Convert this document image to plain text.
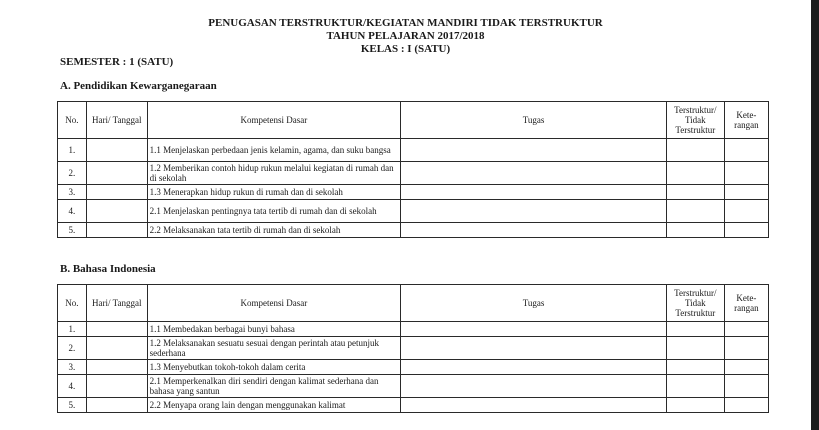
PENUGASAN TERSTRUKTUR/KEGIATAN MANDIRI TIDAK TERSTRUKTUR
TAHUN PELAJARAN 2017/2018
KELAS : I (SATU)
SEMESTER : 1 (SATU)
A. Pendidikan Kewarganegaraan
No.	Hari/ Tanggal	Kompetensi Dasar	Tugas	Terstruktur/ Tidak Terstruktur	Kete- rangan
1.		1.1 Menjelaskan perbedaan jenis kelamin, agama, dan suku bangsa			
2.		1.2 Memberikan contoh hidup rukun melalui kegiatan di rumah dan di sekolah			
3.		1.3 Menerapkan hidup rukun di rumah dan di sekolah			
4.		2.1 Menjelaskan pentingnya tata tertib di rumah dan di sekolah			
5.		2.2 Melaksanakan tata tertib di rumah dan di sekolah			
B. Bahasa Indonesia
No.	Hari/ Tanggal	Kompetensi Dasar	Tugas	Terstruktur/ Tidak Terstruktur	Kete- rangan
1.		1.1 Membedakan berbagai bunyi bahasa			
2.		1.2 Melaksanakan sesuatu sesuai dengan perintah atau petunjuk sederhana			
3.		1.3 Menyebutkan tokoh-tokoh dalam cerita			
4.		2.1 Memperkenalkan diri sendiri dengan kalimat sederhana dan bahasa yang santun			
5.		2.2 Menyapa orang lain dengan menggunakan kalimat			
